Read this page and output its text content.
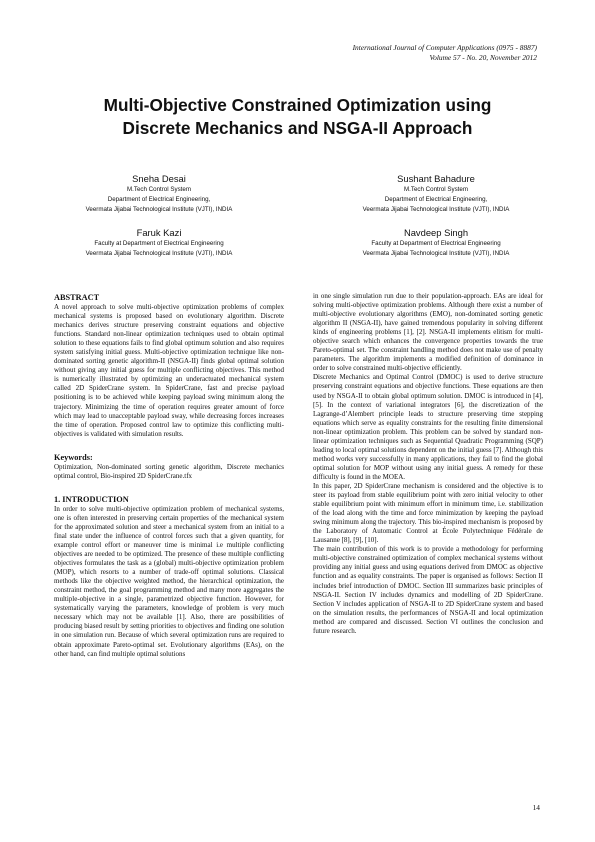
International Journal of Computer Applications (0975 - 8887)
Volume 57 - No. 20, November 2012
Multi-Objective Constrained Optimization using
Discrete Mechanics and NSGA-II Approach
Sneha Desai
M.Tech Control System
Department of Electrical Engineering,
Veermata Jijabai Technological Institute (VJTI), INDIA
Sushant Bahadure
M.Tech Control System
Department of Electrical Engineering,
Veermata Jijabai Technological Institute (VJTI), INDIA
Faruk Kazi
Faculty at Department of Electrical Engineering
Veermata Jijabai Technological Institute (VJTI), INDIA
Navdeep Singh
Faculty at Department of Electrical Engineering
Veermata Jijabai Technological Institute (VJTI), INDIA

ABSTRACT

A novel approach to solve multi-objective optimization problems of complex mechanical systems is proposed based on evolutionary algorithm. Discrete mechanics derives structure preserving constraint equations and objective functions. Standard non-linear optimization techniques used to obtain optimal solution to these equations fails to find global optimum solution and also requires system satisfying initial guess. Multi-objective optimization technique like non-dominated sorting genetic algorithm-II (NSGA-II) finds global optimal solution without giving any initial guess for multiple conflicting objectives. This method is numerically illustrated by optimizing an underactuated mechanical system called 2D SpiderCrane system. In SpiderCrane, fast and precise payload positioning is to be achieved while keeping payload swing minimum along the trajectory. Minimizing the time of operation requires greater amount of force which may lead to unacceptable payload sway, while decreasing forces increases the time of operation. Proposed control law to optimize this conflicting multi-objectives is validated with simulation results.

Keywords:

Optimization, Non-dominated sorting genetic algorithm, Discrete mechanics optimal control, Bio-inspired 2D SpiderCrane.tfx

1. INTRODUCTION

In order to solve multi-objective optimization problem of mechanical systems, one is often interested in preserving certain properties of the mechanical system for the approximated solution and steer a mechanical system from an initial to a final state under the influence of control forces such that a given quantity, for example control effort or maneuver time is minimal i.e multiple conflicting objectives are needed to be optimized. The presence of these multiple conflicting objectives formulates the task as a (global) multi-objective optimization problem (MOP), which resorts to a number of trade-off optimal solutions. Classical methods like the objective weighted method, the hierarchical optimization, the constraint method, the goal programming method and many more aggregates the multiple-objective in a single, parametrized objective function. However, for systematically varying the parameters, knowledge of problem is very much necessary which may not be available [1]. Also, there are possibilities of producing biased result by setting priorities to objectives and finding one solution in one simulation run. Because of which several optimization runs are required to obtain approximate Pareto-optimal set. Evolutionary algorithms (EAs), on the other hand, can find multiple optimal solutions

in one single simulation run due to their population-approach. EAs are ideal for solving multi-objective optimization problems. Although there exist a number of multi-objective evolutionary algorithms (EMO), non-dominated sorting genetic algorithm II (NSGA-II), have gained tremendous popularity in solving different kinds of engineering problems [1], [2]. NSGA-II implements elitism for multi-objective search which enhances the convergence properties towards the true Pareto-optimal set. The constraint handling method does not make use of penalty parameters. The algorithm implements a modified definition of dominance in order to solve constrained multi-objective efficiently.

Discrete Mechanics and Optimal Control (DMOC) is used to derive structure preserving constraint equations and objective functions. These equations are then used by NSGA-II to obtain global optimum solution. DMOC is introduced in [4], [5]. In the context of variational integrators [6], the discretization of the Lagrange-d’Alembert principle leads to structure preserving time stepping equations which serve as equality constraints for the resulting finite dimensional non-linear optimization problem. This problem can be solved by standard non-linear optimization techniques such as Sequential Quadratic Programming (SQP) leading to local optimal solutions dependent on the initial guess [7]. Although this method works very successfully in many applications, they fail to find the global optimal solution for MOP without using any initial guess. A remedy for these difficulty is found in the MOEA.

In this paper, 2D SpiderCrane mechanism is considered and the objective is to steer its payload from stable equilibrium point with zero initial velocity to other stable equilibrium point with minimum effort in minimum time, i.e. stabilization of the load along with the time and force minimization by keeping the payload swing minimum along the trajectory. This bio-inspired mechanism is proposed by the Laboratory of Automatic Control at École Polytechnique Fédérale de Lausanne [8], [9], [10].

The main contribution of this work is to provide a methodology for performing multi-objective constrained optimization of complex mechanical systems without providing any initial guess and using equations derived from DMOC as objective function and as equality constraints. The paper is organised as follows: Section II includes brief introduction of DMOC. Section III summarizes basic principles of NSGA-II. Section IV includes dynamics and modelling of 2D SpiderCrane. Section V includes application of NSGA-II to 2D SpiderCrane system and based on the simulation results, the performances of NSGA-II and local optimization method are compared and discussed. Section VI outlines the conclusion and future research.

14
